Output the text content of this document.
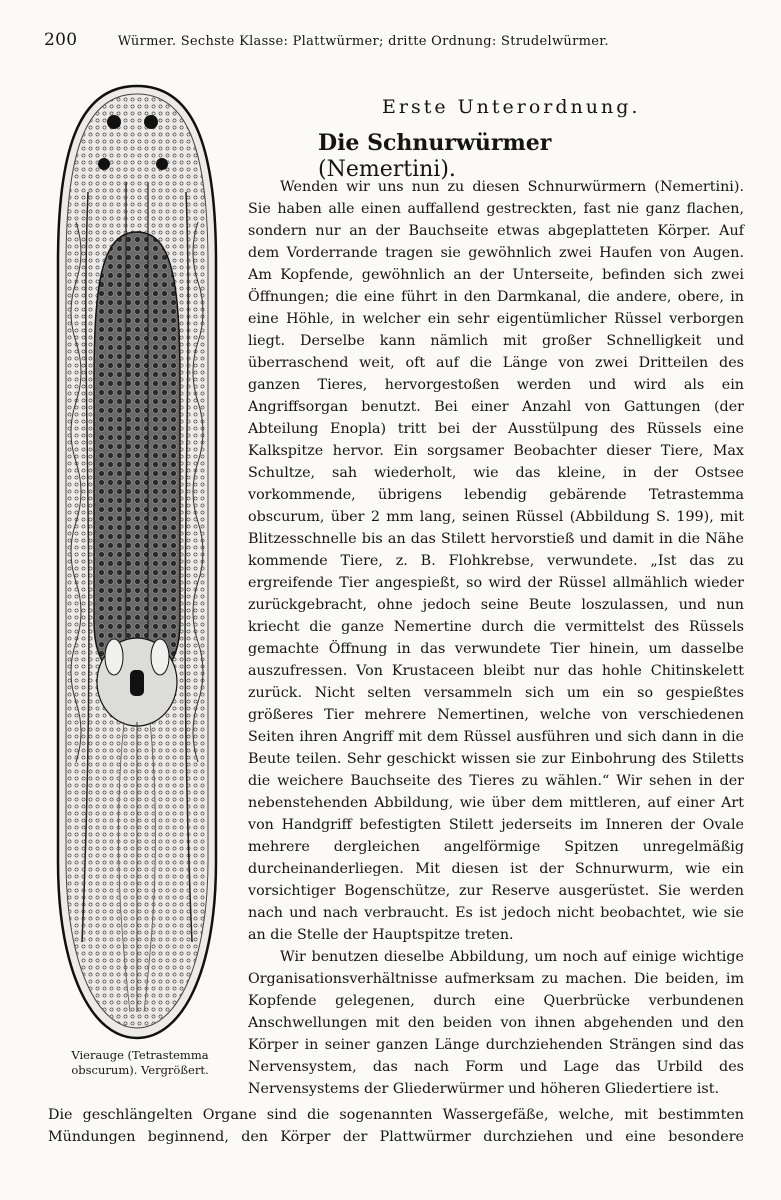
200	Würmer. Sechste Klasse: Plattwürmer; dritte Ordnung: Strudelwürmer.
Vierauge (Tetrastemma obscurum). Vergrößert.
Erste Unterordnung.
Die Schnurwürmer (Nemertini).

Wenden wir uns nun zu diesen Schnurwürmern (Nemertini). Sie haben alle einen auffallend gestreckten, fast nie ganz flachen, sondern nur an der Bauchseite etwas abgeplatteten Körper. Auf dem Vorderrande tragen sie gewöhnlich zwei Haufen von Augen. Am Kopfende, gewöhnlich an der Unterseite, befinden sich zwei Öffnungen; die eine führt in den Darmkanal, die andere, obere, in eine Höhle, in welcher ein sehr eigentümlicher Rüssel verborgen liegt. Derselbe kann nämlich mit großer Schnelligkeit und überraschend weit, oft auf die Länge von zwei Dritteilen des ganzen Tieres, hervorgestoßen werden und wird als ein Angriffsorgan benutzt. Bei einer Anzahl von Gattungen (der Abteilung Enopla) tritt bei der Ausstülpung des Rüssels eine Kalkspitze hervor. Ein sorgsamer Beobachter dieser Tiere, Max Schultze, sah wiederholt, wie das kleine, in der Ostsee vorkommende, übrigens lebendig gebärende Tetrastemma obscurum, über 2 mm lang, seinen Rüssel (Abbildung S. 199), mit Blitzesschnelle bis an das Stilett hervorstieß und damit in die Nähe kommende Tiere, z. B. Flohkrebse, verwundete. „Ist das zu ergreifende Tier angespießt, so wird der Rüssel allmählich wieder zurückgebracht, ohne jedoch seine Beute loszulassen, und nun kriecht die ganze Nemertine durch die vermittelst des Rüssels gemachte Öffnung in das verwundete Tier hinein, um dasselbe auszufressen. Von Krustaceen bleibt nur das hohle Chitinskelett zurück. Nicht selten versammeln sich um ein so gespießtes größeres Tier mehrere Nemertinen, welche von verschiedenen Seiten ihren Angriff mit dem Rüssel ausführen und sich dann in die Beute teilen. Sehr geschickt wissen sie zur Einbohrung des Stiletts die weichere Bauchseite des Tieres zu wählen.“ Wir sehen in der nebenstehenden Abbildung, wie über dem mittleren, auf einer Art von Handgriff befestigten Stilett jederseits im Inneren der Ovale mehrere dergleichen angelförmige Spitzen unregelmäßig durcheinanderliegen. Mit diesen ist der Schnurwurm, wie ein vorsichtiger Bogenschütze, zur Reserve ausgerüstet. Sie werden nach und nach verbraucht. Es ist jedoch nicht beobachtet, wie sie an die Stelle der Hauptspitze treten.

Wir benutzen dieselbe Abbildung, um noch auf einige wichtige Organisationsverhältnisse aufmerksam zu machen. Die beiden, im Kopfende gelegenen, durch eine Querbrücke verbundenen Anschwellungen mit den beiden von ihnen abgehenden und den Körper in seiner ganzen Länge durchziehenden Strängen sind das Nervensystem, das nach Form und Lage das Urbild des Nervensystems der Gliederwürmer und höheren Gliedertiere ist.

Die geschlängelten Organe sind die sogenannten Wassergefäße, welche, mit bestimmten
Mündungen beginnend, den Körper der Plattwürmer durchziehen und eine besondere
